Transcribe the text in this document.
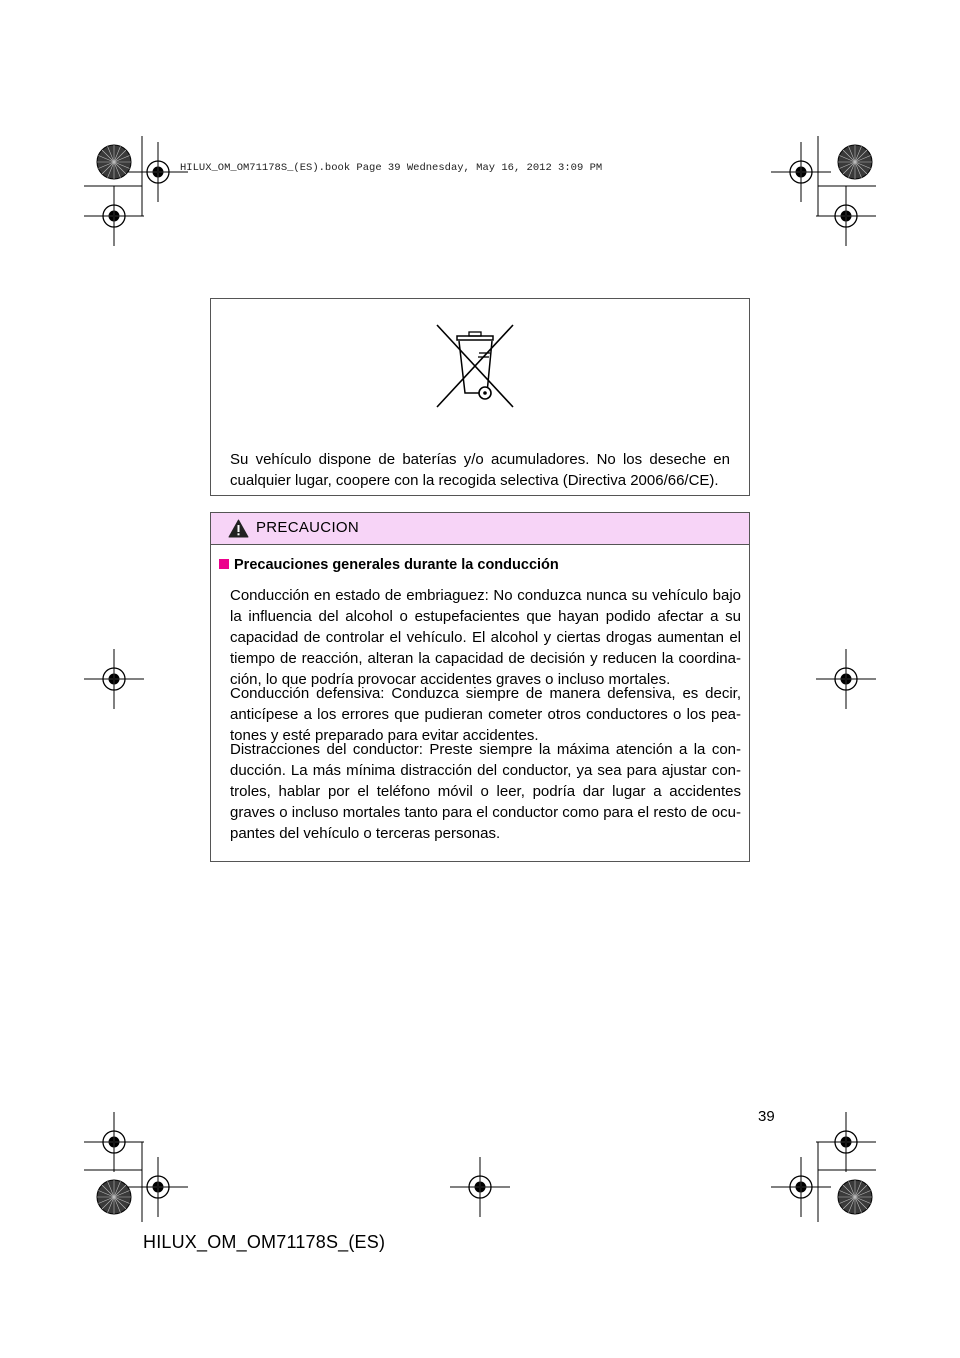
HILUX_OM_OM71178S_(ES).book Page 39 Wednesday, May 16, 2012 3:09 PM

Su vehículo dispone de baterías y/o acumuladores. No los deseche en cualquier lugar, coopere con la recogida selectiva (Directiva 2006/66/CE).

PRECAUCION
Precauciones generales durante la conducción

Conducción en estado de embriaguez: No conduzca nunca su vehículo bajo la influencia del alcohol o estupefacientes que hayan podido afectar a su capacidad de controlar el vehículo. El alcohol y ciertas drogas aumentan el tiempo de reacción, alteran la capacidad de decisión y reducen la coordina-ción, lo que podría provocar accidentes graves o incluso mortales.

Conducción defensiva: Conduzca siempre de manera defensiva, es decir, anticípese a los errores que pudieran cometer otros conductores o los pea-tones y esté preparado para evitar accidentes.

Distracciones del conductor: Preste siempre la máxima atención a la con-ducción. La más mínima distracción del conductor, ya sea para ajustar con-troles, hablar por el teléfono móvil o leer, podría dar lugar a accidentes graves o incluso mortales tanto para el conductor como para el resto de ocu-pantes del vehículo o terceras personas.

39
HILUX_OM_OM71178S_(ES)
